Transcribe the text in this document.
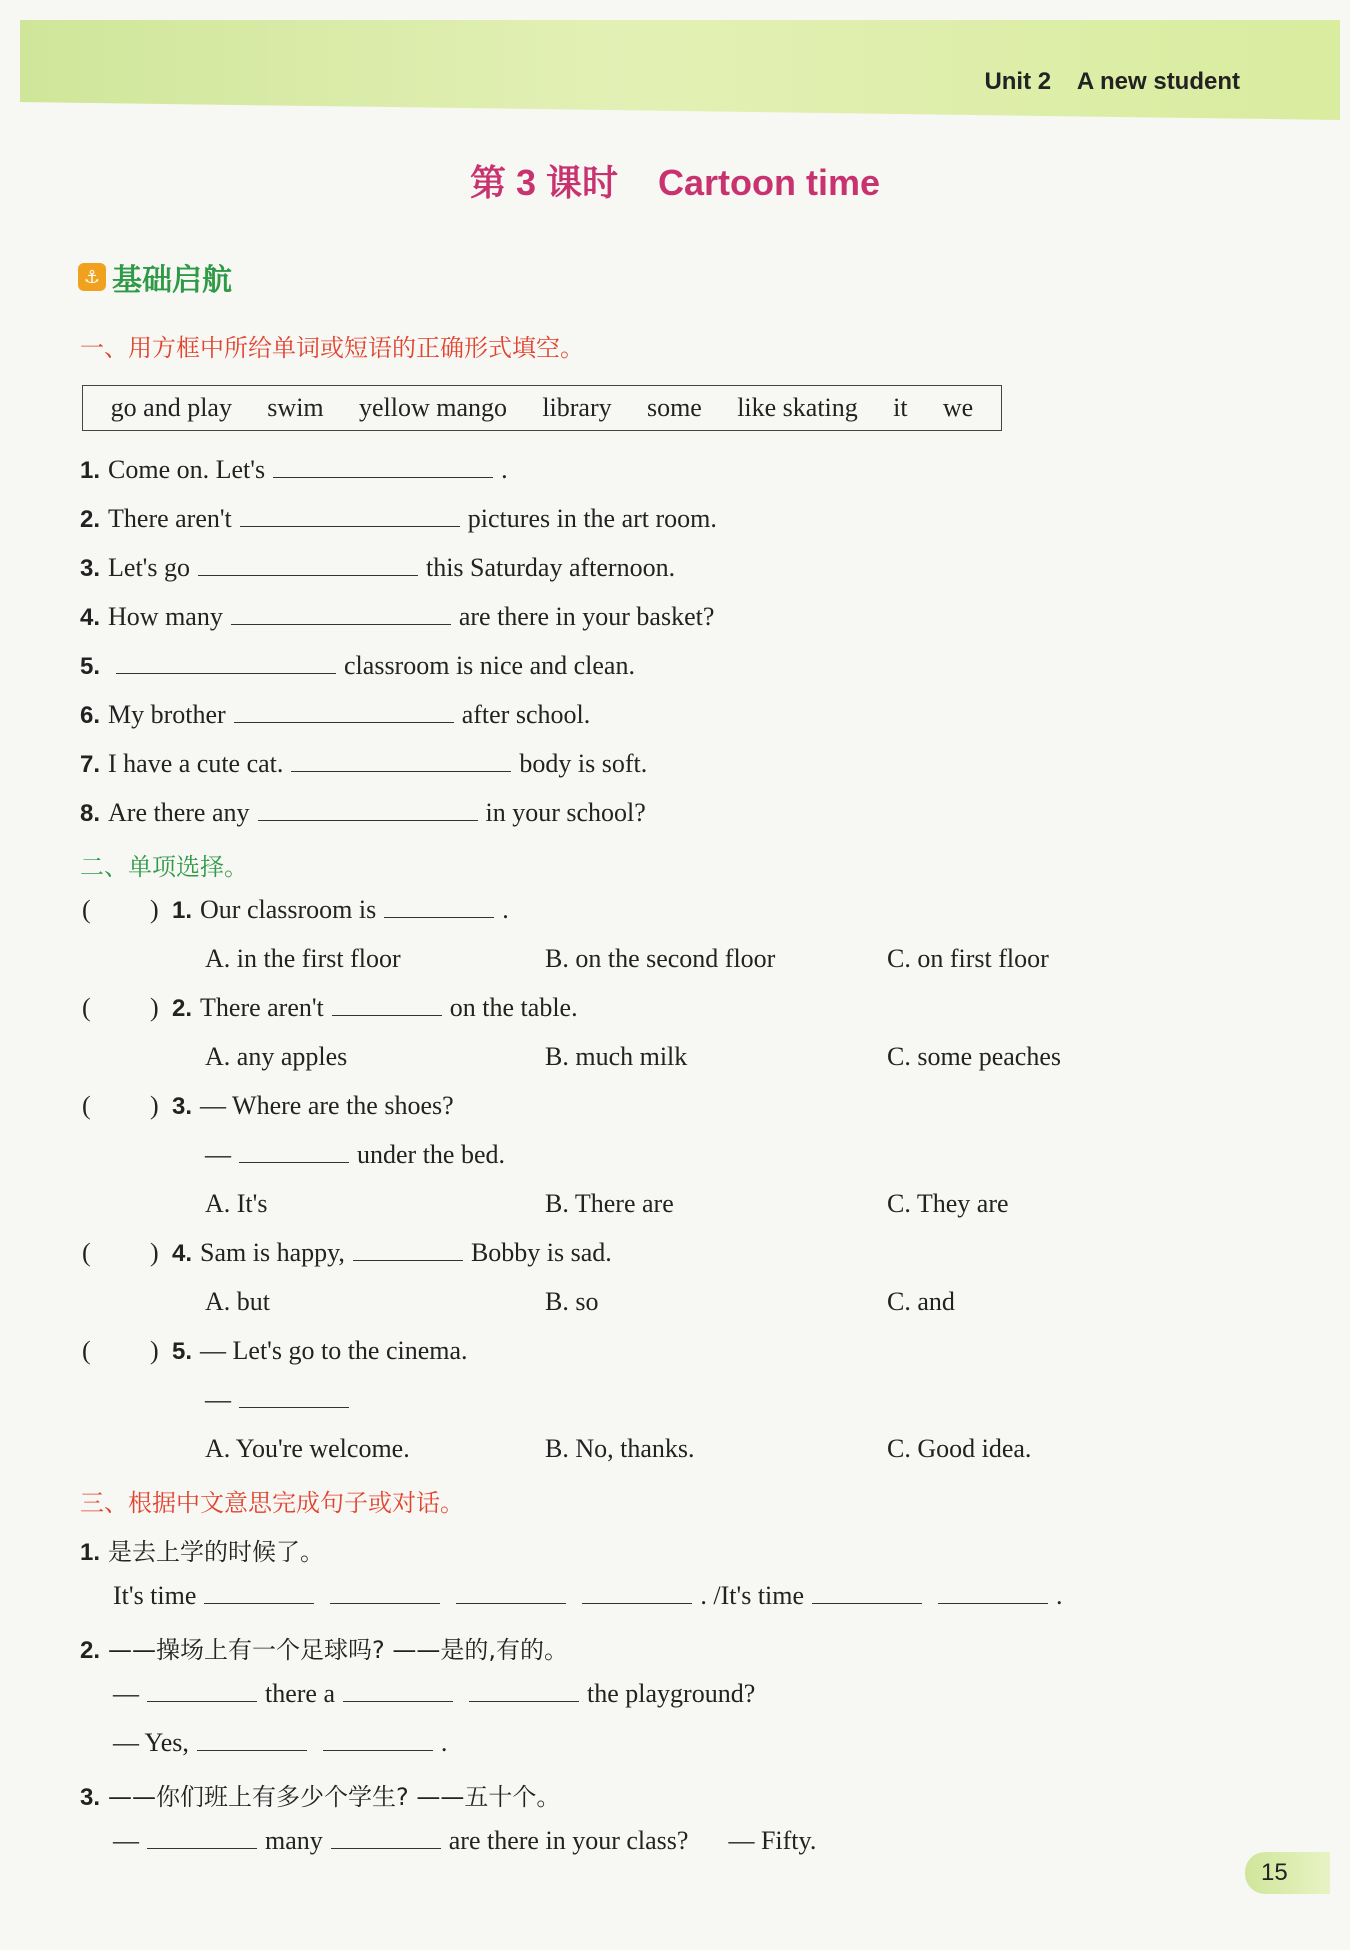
Unit 2    A new student
第 3 课时    Cartoon time
⚓ 基础启航
一、用方框中所给单词或短语的正确形式填空。
go and play swim yellow mango library some like skating it we
1. Come on. Let's	.
2. There aren't	pictures in the art room.
3. Let's go	this Saturday afternoon.
4. How many	are there in your basket?
5.	classroom is nice and clean.
6. My brother	after school.
7. I have a cute cat.	body is soft.
8. Are there any	in your school?
二、单项选择。
( ) 1. Our classroom is	.
A. in the first floor	B. on the second floor	C. on first floor
( ) 2. There aren't	on the table.
A. any apples	B. much milk	C. some peaches
( ) 3. — Where are the shoes?
—	under the bed.
A. It's	B. There are	C. They are
( ) 4. Sam is happy,	Bobby is sad.
A. but	B. so	C. and
( ) 5. — Let's go to the cinema.
—
A. You're welcome.	B. No, thanks.	C. Good idea.
三、根据中文意思完成句子或对话。
1. 是去上学的时候了。
It's time	. /It's time	.
2. ——操场上有一个足球吗? ——是的,有的。
—	there a	the playground?
— Yes,	.
3. ——你们班上有多少个学生? ——五十个。
—	many	are there in your class? — Fifty.
15
